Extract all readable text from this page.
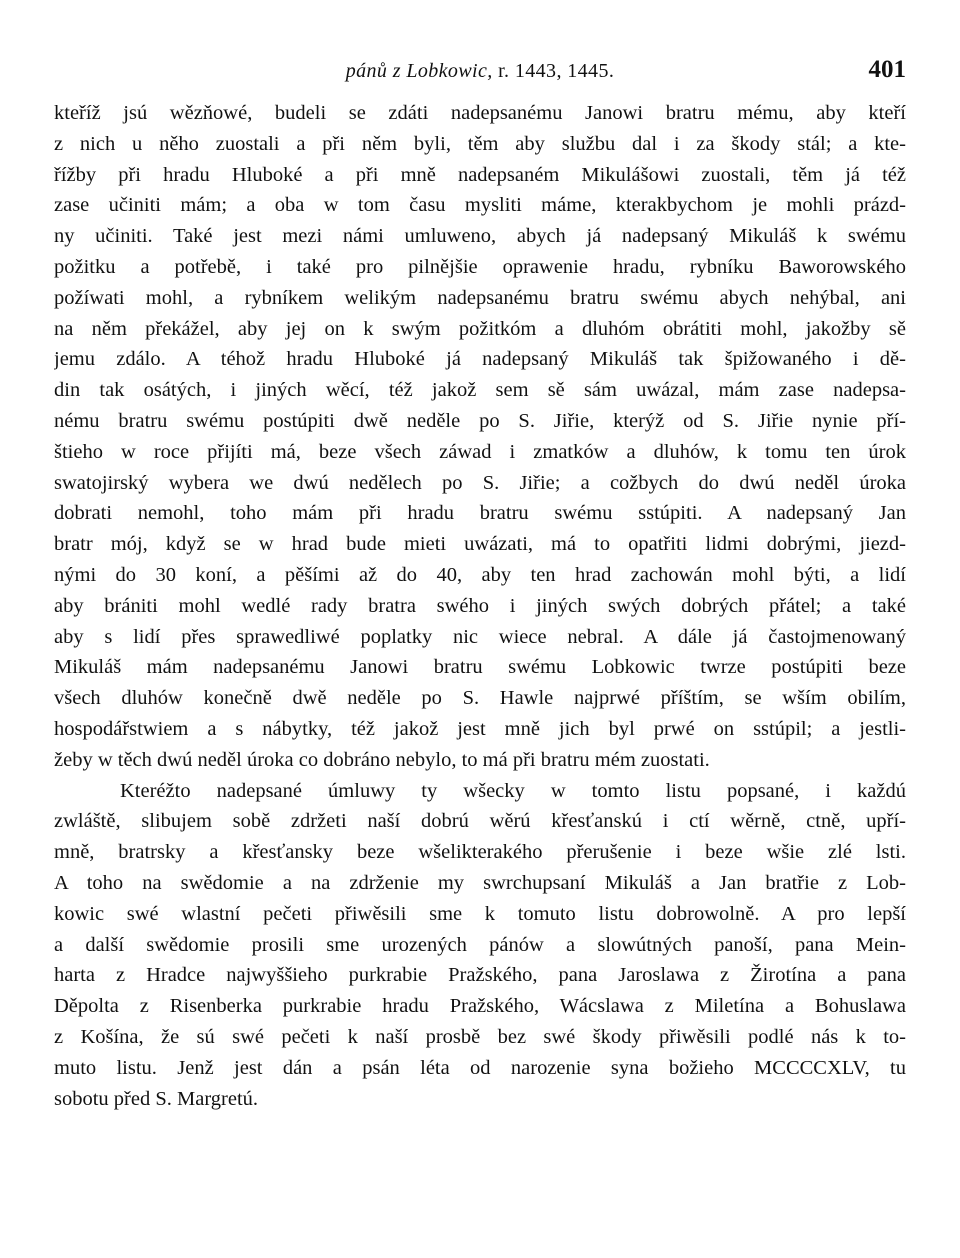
pánů z Lobkowic, r. 1443, 1445.	401
kteříž jsú wězňowé, budeli se zdáti nadepsanému Janowi bratru mému, aby kteří
z nich u něho zuostali a při něm byli, těm aby službu dal i za škody stál; a kte-
řížby při hradu Hluboké a při mně nadepsaném Mikulášowi zuostali, těm já též
zase učiniti mám; a oba w tom času mysliti máme, kterakbychom je mohli prázd-
ny učiniti. Také jest mezi námi umluweno, abych já nadepsaný Mikuláš k swému
požitku a potřebě, i také pro pilnějšie oprawenie hradu, rybníku Baworowského
požíwati mohl, a rybníkem welikým nadepsanému bratru swému abych nehýbal, ani
na něm překážel, aby jej on k swým požitkóm a dluhóm obrátiti mohl, jakožby sě
jemu zdálo. A téhož hradu Hluboké já nadepsaný Mikuláš tak špižowaného i dě-
din tak osátých, i jiných wěcí, též jakož sem sě sám uwázal, mám zase nadepsa-
nému bratru swému postúpiti dwě neděle po S. Jiřie, kterýž od S. Jiřie nynie pří-
štieho w roce přijíti má, beze všech záwad i zmatków a dluhów, k tomu ten úrok
swatojirský wybera we dwú nedělech po S. Jiřie; a cožbych do dwú neděl úroka
dobrati nemohl, toho mám při hradu bratru swému sstúpiti. A nadepsaný Jan
bratr mój, když se w hrad bude mieti uwázati, má to opatřiti lidmi dobrými, jiezd-
nými do 30 koní, a pěšími až do 40, aby ten hrad zachowán mohl býti, a lidí
aby brániti mohl wedlé rady bratra swého i jiných swých dobrých přátel; a také
aby s lidí přes sprawedliwé poplatky nic wiece nebral. A dále já častojmenowaný
Mikuláš mám nadepsanému Janowi bratru swému Lobkowic twrze postúpiti beze
všech dluhów konečně dwě neděle po S. Hawle najprwé příštím, se wším obilím,
hospodářstwiem a s nábytky, též jakož jest mně jich byl prwé on sstúpil; a jestli-
žeby w těch dwú neděl úroka co dobráno nebylo, to má při bratru mém zuostati.
Kteréžto nadepsané úmluwy ty wšecky w tomto listu popsané, i každú
zwláště, slibujem sobě zdržeti naší dobrú wěrú křesťanskú i ctí wěrně, ctně, upří-
mně, bratrsky a křesťansky beze wšelikterakého přerušenie i beze wšie zlé lsti.
A toho na swědomie a na zdrženie my swrchupsaní Mikuláš a Jan bratřie z Lob-
kowic swé wlastní pečeti přiwěsili sme k tomuto listu dobrowolně. A pro lepší
a další swědomie prosili sme urozených pánów a slowútných panoší, pana Mein-
harta z Hradce najwyššieho purkrabie Pražského, pana Jaroslawa z Žirotína a pana
Děpolta z Risenberka purkrabie hradu Pražského, Wácslawa z Miletína a Bohuslawa
z Košína, že sú swé pečeti k naší prosbě bez swé škody přiwěsili podlé nás k to-
muto listu. Jenž jest dán a psán léta od narozenie syna božieho MCCCCXLV, tu
sobotu před S. Margretú.
